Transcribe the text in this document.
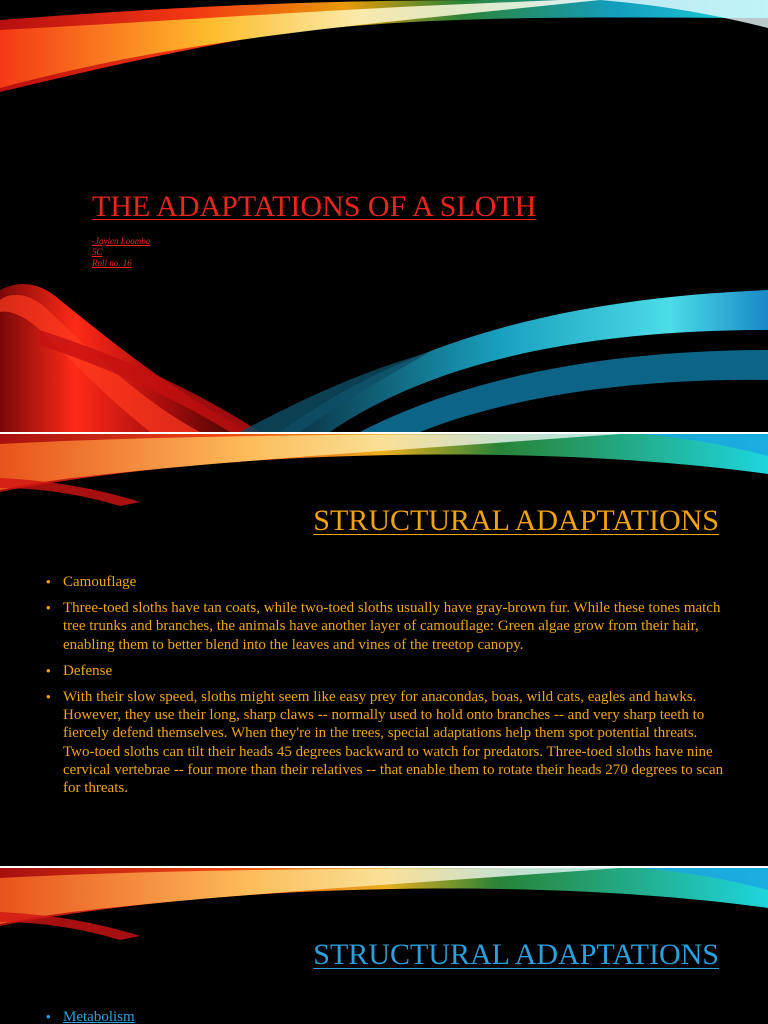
THE ADAPTATIONS OF A SLOTH
-Jaylen Loomba
5C
Roll no. 16
STRUCTURAL ADAPTATIONS
• Camouflage
• Three-toed sloths have tan coats, while two-toed sloths usually have gray-brown fur. While these tones match tree trunks and branches, the animals have another layer of camouflage: Green algae grow from their hair, enabling them to better blend into the leaves and vines of the treetop canopy.
• Defense
• With their slow speed, sloths might seem like easy prey for anacondas, boas, wild cats, eagles and hawks. However, they use their long, sharp claws -- normally used to hold onto branches -- and very sharp teeth to fiercely defend themselves. When they're in the trees, special adaptations help them spot potential threats. Two-toed sloths can tilt their heads 45 degrees backward to watch for predators. Three-toed sloths have nine cervical vertebrae -- four more than their relatives -- that enable them to rotate their heads 270 degrees to scan for threats.
STRUCTURAL ADAPTATIONS
• Metabolism
